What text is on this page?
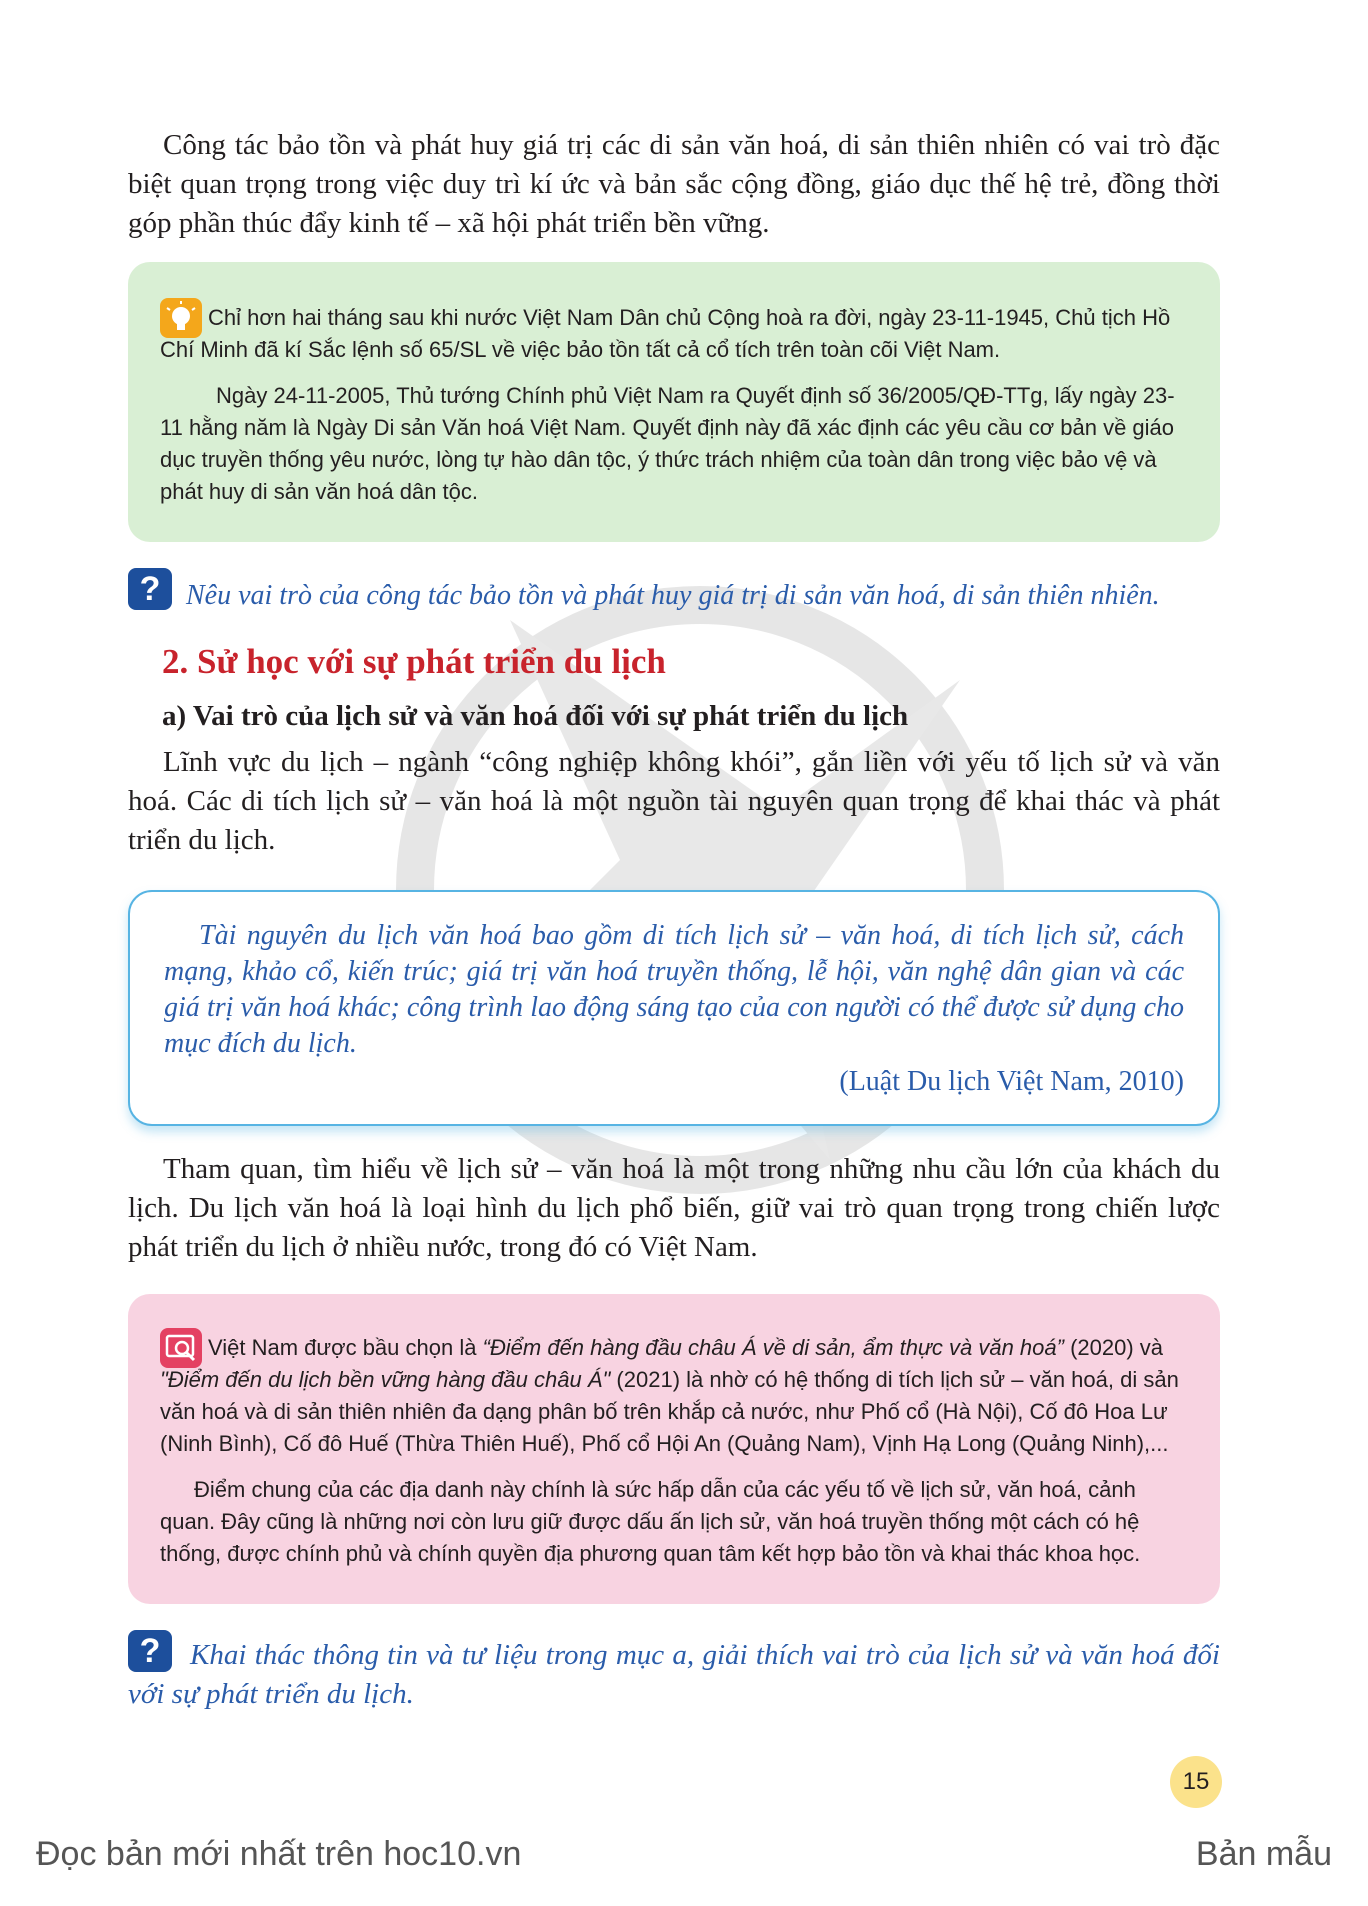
Công tác bảo tồn và phát huy giá trị các di sản văn hoá, di sản thiên nhiên có vai trò đặc biệt quan trọng trong việc duy trì kí ức và bản sắc cộng đồng, giáo dục thế hệ trẻ, đồng thời góp phần thúc đẩy kinh tế – xã hội phát triển bền vững.

Chỉ hơn hai tháng sau khi nước Việt Nam Dân chủ Cộng hoà ra đời, ngày 23-11-1945, Chủ tịch Hồ Chí Minh đã kí Sắc lệnh số 65/SL về việc bảo tồn tất cả cổ tích trên toàn cõi Việt Nam.

Ngày 24-11-2005, Thủ tướng Chính phủ Việt Nam ra Quyết định số 36/2005/QĐ-TTg, lấy ngày 23-11 hằng năm là Ngày Di sản Văn hoá Việt Nam. Quyết định này đã xác định các yêu cầu cơ bản về giáo dục truyền thống yêu nước, lòng tự hào dân tộc, ý thức trách nhiệm của toàn dân trong việc bảo vệ và phát huy di sản văn hoá dân tộc.

? Nêu vai trò của công tác bảo tồn và phát huy giá trị di sản văn hoá, di sản thiên nhiên.

2. Sử học với sự phát triển du lịch
a) Vai trò của lịch sử và văn hoá đối với sự phát triển du lịch

Lĩnh vực du lịch – ngành “công nghiệp không khói”, gắn liền với yếu tố lịch sử và văn hoá. Các di tích lịch sử – văn hoá là một nguồn tài nguyên quan trọng để khai thác và phát triển du lịch.

Tài nguyên du lịch văn hoá bao gồm di tích lịch sử – văn hoá, di tích lịch sử, cách mạng, khảo cổ, kiến trúc; giá trị văn hoá truyền thống, lễ hội, văn nghệ dân gian và các giá trị văn hoá khác; công trình lao động sáng tạo của con người có thể được sử dụng cho mục đích du lịch.

(Luật Du lịch Việt Nam, 2010)

Tham quan, tìm hiểu về lịch sử – văn hoá là một trong những nhu cầu lớn của khách du lịch. Du lịch văn hoá là loại hình du lịch phổ biến, giữ vai trò quan trọng trong chiến lược phát triển du lịch ở nhiều nước, trong đó có Việt Nam.

Việt Nam được bầu chọn là “Điểm đến hàng đầu châu Á về di sản, ẩm thực và văn hoá” (2020) và "Điểm đến du lịch bền vững hàng đầu châu Á" (2021) là nhờ có hệ thống di tích lịch sử – văn hoá, di sản văn hoá và di sản thiên nhiên đa dạng phân bố trên khắp cả nước, như Phố cổ (Hà Nội), Cố đô Hoa Lư (Ninh Bình), Cố đô Huế (Thừa Thiên Huế), Phố cổ Hội An (Quảng Nam), Vịnh Hạ Long (Quảng Ninh),...

Điểm chung của các địa danh này chính là sức hấp dẫn của các yếu tố về lịch sử, văn hoá, cảnh quan. Đây cũng là những nơi còn lưu giữ được dấu ấn lịch sử, văn hoá truyền thống một cách có hệ thống, được chính phủ và chính quyền địa phương quan tâm kết hợp bảo tồn và khai thác khoa học.

?	Khai thác thông tin và tư liệu trong mục a, giải thích vai trò của lịch sử và văn hoá đối với sự phát triển du lịch.

15

Đọc bản mới nhất trên hoc10.vn	Bản mẫu
